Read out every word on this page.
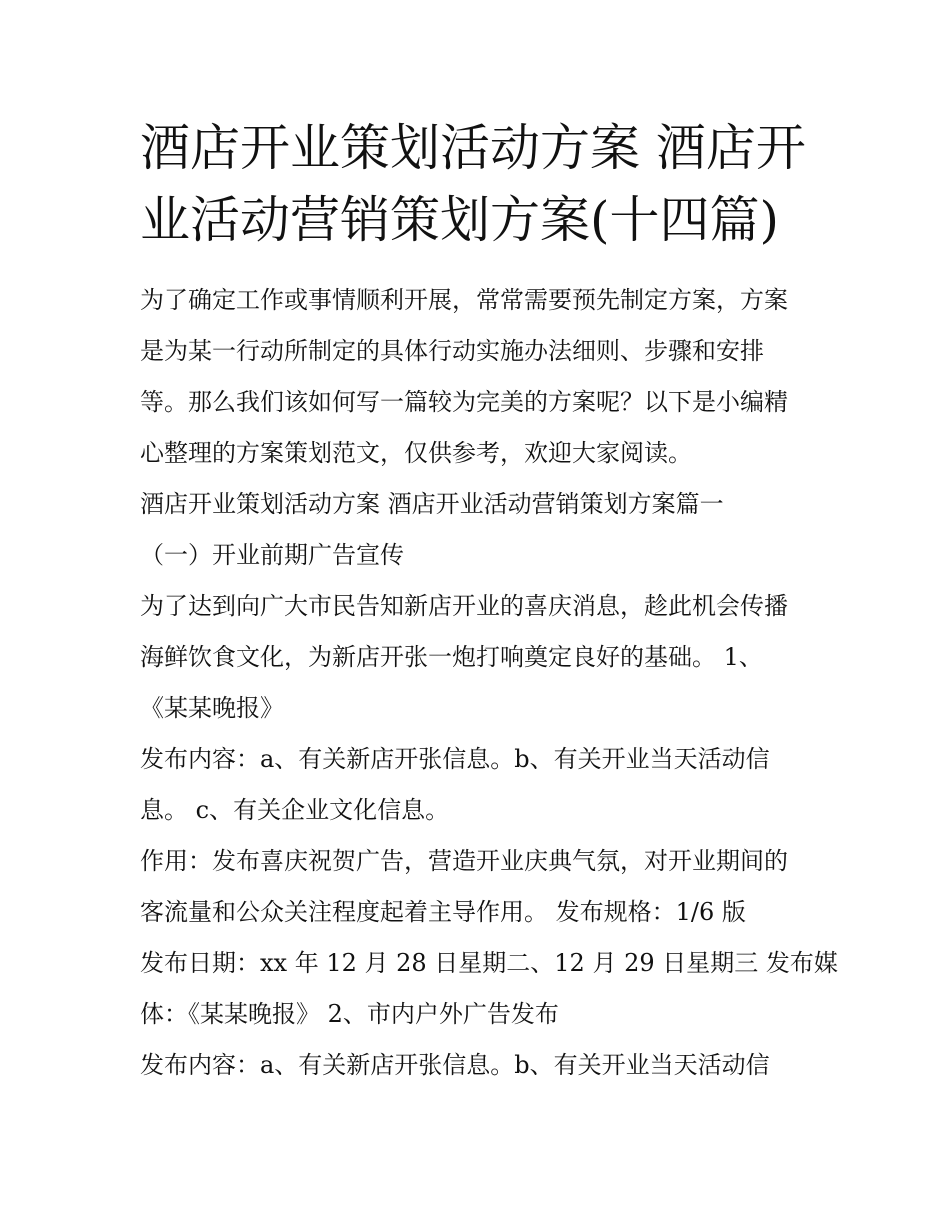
酒店开业策划活动方案 酒店开
业活动营销策划方案(十四篇)
为了确定工作或事情顺利开展，常常需要预先制定方案，方案
是为某一行动所制定的具体行动实施办法细则、步骤和安排
等。那么我们该如何写一篇较为完美的方案呢？以下是小编精
心整理的方案策划范文，仅供参考，欢迎大家阅读。
酒店开业策划活动方案 酒店开业活动营销策划方案篇一
（一）开业前期广告宣传
为了达到向广大市民告知新店开业的喜庆消息，趁此机会传播
海鲜饮食文化，为新店开张一炮打响奠定良好的基础。 1、
《某某晚报》
发布内容：a、有关新店开张信息。b、有关开业当天活动信
息。 c、有关企业文化信息。
作用：发布喜庆祝贺广告，营造开业庆典气氛，对开业期间的
客流量和公众关注程度起着主导作用。 发布规格：1/6 版
发布日期：xx 年 12 月 28 日星期二、12 月 29 日星期三 发布媒
体：《某某晚报》 2、市内户外广告发布
发布内容：a、有关新店开张信息。b、有关开业当天活动信
